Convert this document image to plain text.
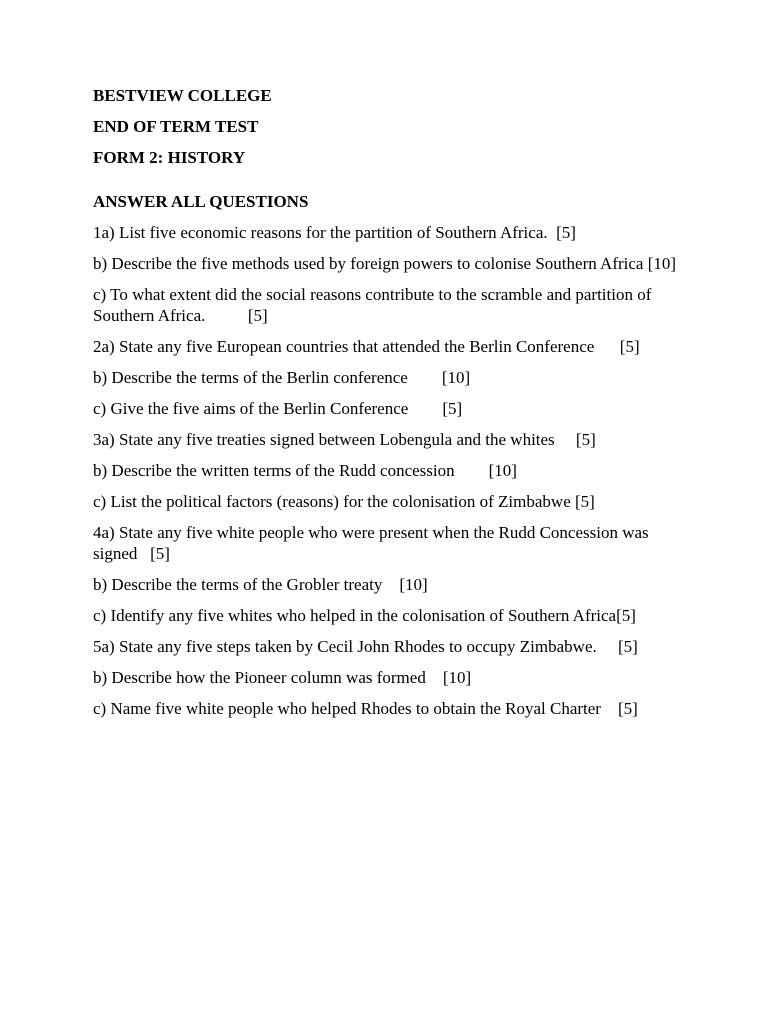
BESTVIEW COLLEGE
END OF TERM TEST
FORM 2: HISTORY
ANSWER ALL QUESTIONS
1a) List five economic reasons for the partition of Southern Africa.  [5]
b) Describe the five methods used by foreign powers to colonise Southern Africa [10]
c) To what extent did the social reasons contribute to the scramble and partition of Southern Africa.          [5]
2a) State any five European countries that attended the Berlin Conference      [5]
b) Describe the terms of the Berlin conference        [10]
c) Give the five aims of the Berlin Conference        [5]
3a) State any five treaties signed between Lobengula and the whites     [5]
b) Describe the written terms of the Rudd concession        [10]
c) List the political factors (reasons) for the colonisation of Zimbabwe [5]
4a) State any five white people who were present when the Rudd Concession was signed   [5]
b) Describe the terms of the Grobler treaty    [10]
c) Identify any five whites who helped in the colonisation of Southern Africa[5]
5a) State any five steps taken by Cecil John Rhodes to occupy Zimbabwe.     [5]
b) Describe how the Pioneer column was formed    [10]
c) Name five white people who helped Rhodes to obtain the Royal Charter    [5]
